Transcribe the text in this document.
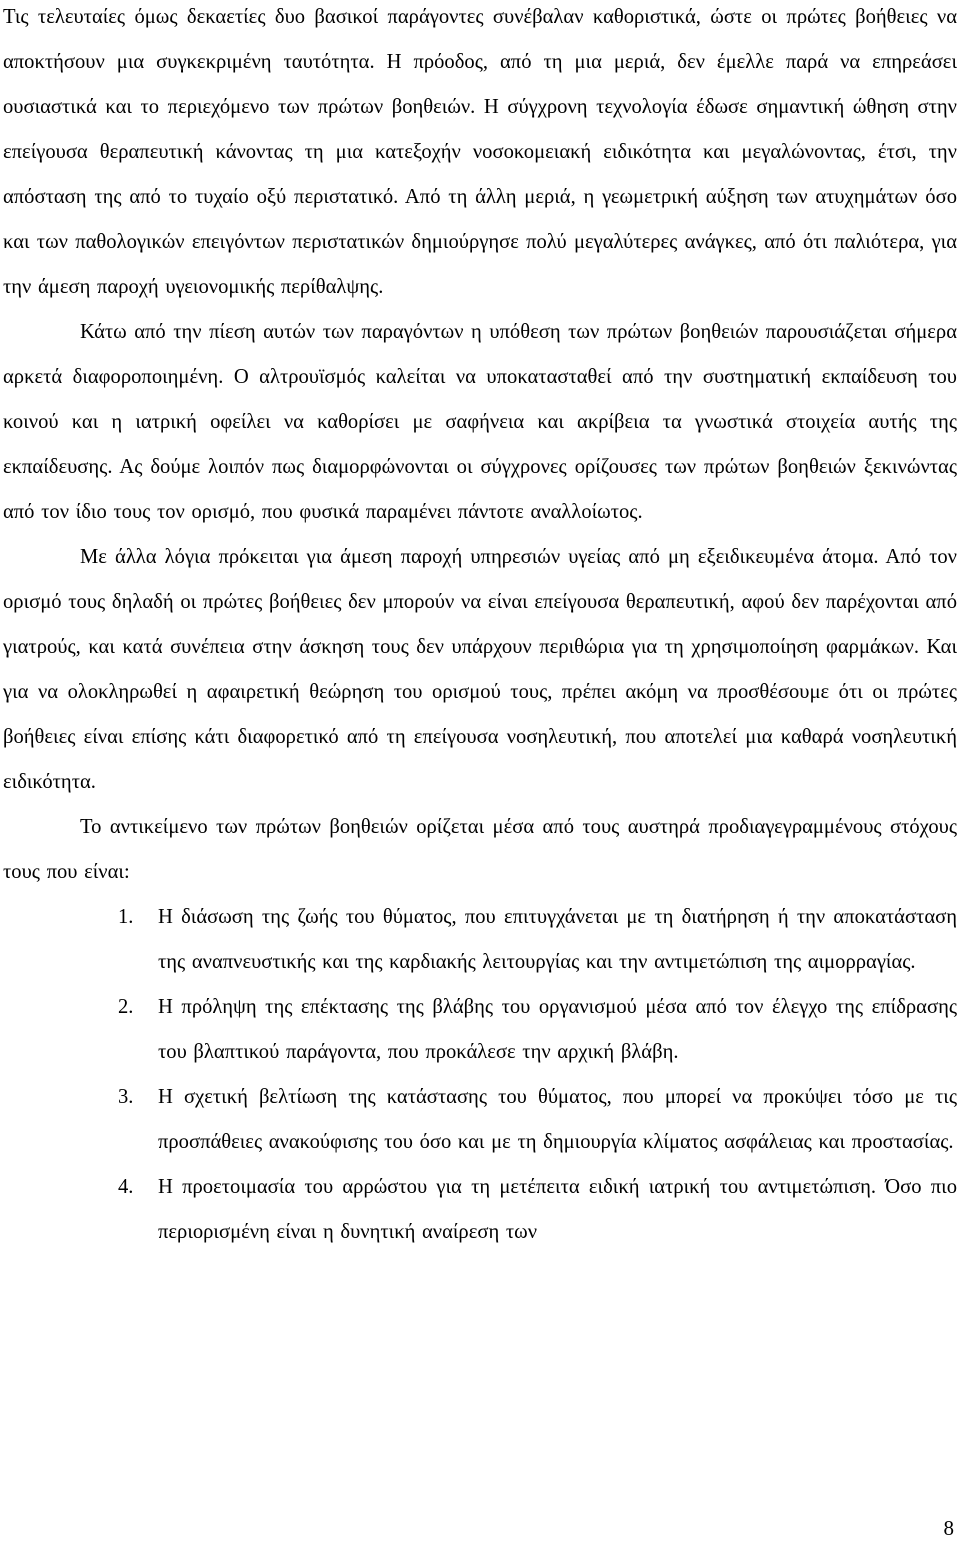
Τις τελευταίες όμως δεκαετίες δυο βασικοί παράγοντες συνέβαλαν καθοριστικά, ώστε οι πρώτες βοήθειες να αποκτήσουν μια συγκεκριμένη ταυτότητα. Η πρόοδος, από τη μια μεριά, δεν έμελλε παρά να επηρεάσει ουσιαστικά και το περιεχόμενο των πρώτων βοηθειών. Η σύγχρονη τεχνολογία έδωσε σημαντική ώθηση στην επείγουσα θεραπευτική κάνοντας τη μια κατεξοχήν νοσοκομειακή ειδικότητα και μεγαλώνοντας, έτσι, την απόσταση της από το τυχαίο οξύ περιστατικό. Από τη άλλη μεριά, η γεωμετρική αύξηση των ατυχημάτων όσο και των παθολογικών επειγόντων περιστατικών δημιούργησε πολύ μεγαλύτερες ανάγκες, από ότι παλιότερα, για την άμεση παροχή υγειονομικής περίθαλψης.

Κάτω από την πίεση αυτών των παραγόντων η υπόθεση των πρώτων βοηθειών παρουσιάζεται σήμερα αρκετά διαφοροποιημένη. Ο αλτρουϊσμός καλείται να υποκατασταθεί από την συστηματική εκπαίδευση του κοινού και η ιατρική οφείλει να καθορίσει με σαφήνεια και ακρίβεια τα γνωστικά στοιχεία αυτής της εκπαίδευσης. Ας δούμε λοιπόν πως διαμορφώνονται οι σύγχρονες ορίζουσες των πρώτων βοηθειών ξεκινώντας από τον ίδιο τους τον ορισμό, που φυσικά παραμένει πάντοτε αναλλοίωτος.

Με άλλα λόγια πρόκειται για άμεση παροχή υπηρεσιών υγείας από μη εξειδικευμένα άτομα. Από τον ορισμό τους δηλαδή οι πρώτες βοήθειες δεν μπορούν να είναι επείγουσα θεραπευτική, αφού δεν παρέχονται από γιατρούς, και κατά συνέπεια στην άσκηση τους δεν υπάρχουν περιθώρια για τη χρησιμοποίηση φαρμάκων. Και για να ολοκληρωθεί η αφαιρετική θεώρηση του ορισμού τους, πρέπει ακόμη να προσθέσουμε ότι οι πρώτες βοήθειες είναι επίσης κάτι διαφορετικό από τη επείγουσα νοσηλευτική, που αποτελεί μια καθαρά νοσηλευτική ειδικότητα.

Το αντικείμενο των πρώτων βοηθειών ορίζεται μέσα από τους αυστηρά προδιαγεγραμμένους στόχους τους που είναι:

1. Η διάσωση της ζωής του θύματος, που επιτυγχάνεται με τη διατήρηση ή την αποκατάσταση της αναπνευστικής και της καρδιακής λειτουργίας και την αντιμετώπιση της αιμορραγίας.
2. Η πρόληψη της επέκτασης της βλάβης του οργανισμού μέσα από τον έλεγχο της επίδρασης του βλαπτικού παράγοντα, που προκάλεσε την αρχική βλάβη.
3. Η σχετική βελτίωση της κατάστασης του θύματος, που μπορεί να προκύψει τόσο με τις προσπάθειες ανακούφισης του όσο και με τη δημιουργία κλίματος ασφάλειας και προστασίας.
4. Η προετοιμασία του αρρώστου για τη μετέπειτα ειδική ιατρική του αντιμετώπιση. Όσο πιο περιορισμένη είναι η δυνητική αναίρεση των
8
